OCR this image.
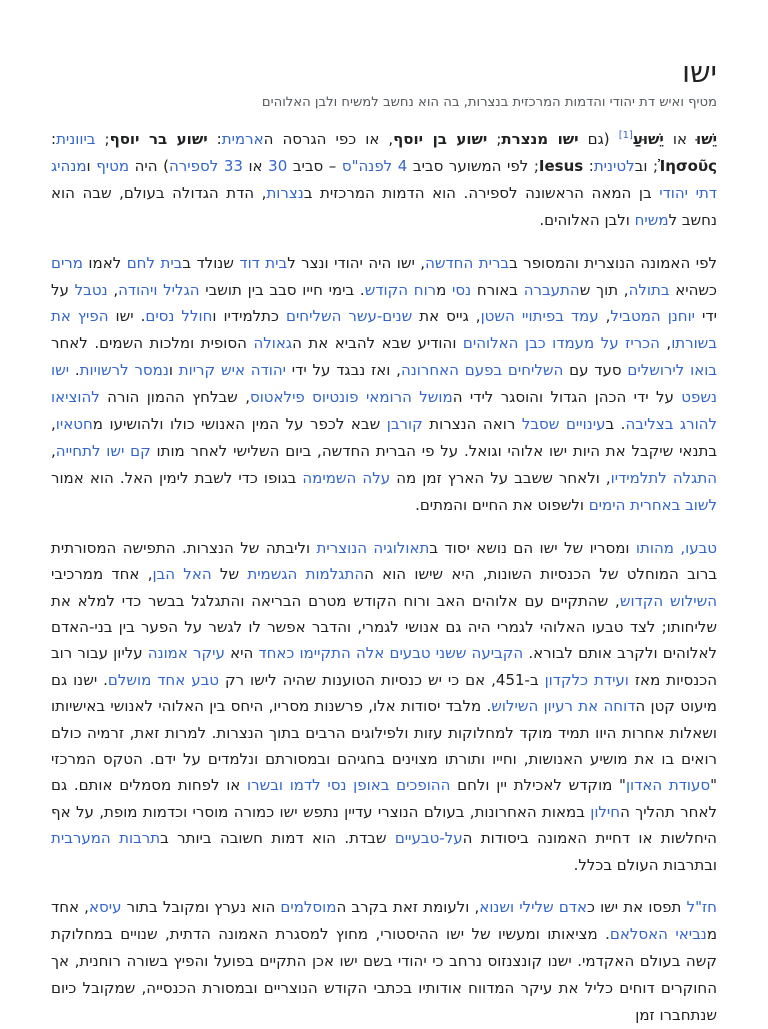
ישו
מטיף ואיש דת יהודי והדמות המרכזית בנצרות, בה הוא נחשב למשיח ולבן האלוהים

יֵשׁוּ או יֵשׁוּעַ[1] (גם ישו מנצרת; ישוע בן יוסף, או כפי הגרסה הארמית: ישוע בר יוסף; ביוונית: Ἰησοῦς; ובלטינית: Iesus; לפי המשוער סביב 4 לפנה"ס – סביב 30 או 33 לספירה) היה מטיף ומנהיג דתי יהודי בן המאה הראשונה לספירה. הוא הדמות המרכזית בנצרות, הדת הגדולה בעולם, שבה הוא נחשב למשיח ולבן האלוהים.

לפי האמונה הנוצרית והמסופר בברית החדשה, ישו היה יהודי ונצר לבית דוד שנולד בבית לחם לאמו מרים כשהיא בתולה, תוך שהתעברה באורח נסי מרוח הקודש. בימי חייו סבב בין תושבי הגליל ויהודה, נטבל על ידי יוחנן המטביל, עמד בפיתויי השטן, גייס את שנים-עשר השליחים כתלמידיו וחולל נסים. ישו הפיץ את בשורתו, הכריז על מעמדו כבן האלוהים והודיע שבא להביא את הגאולה הסופית ומלכות השמים. לאחר בואו לירושלים סעד עם השליחים בפעם האחרונה, ואז נבגד על ידי יהודה איש קריות ונמסר לרשויות. ישו נשפט על ידי הכהן הגדול והוסגר לידי המושל הרומאי פונטיוס פילאטוס, שבלחץ ההמון הורה להוציאו להורג בצליבה. בעינויים שסבל רואה הנצרות קורבן שבא לכפר על המין האנושי כולו ולהושיעו מחטאיו, בתנאי שיקבל את היות ישו אלוהי וגואל. על פי הברית החדשה, ביום השלישי לאחר מותו קם ישו לתחייה, התגלה לתלמידיו, ולאחר ששבב על הארץ זמן מה עלה השמימה בגופו כדי לשבת לימין האל. הוא אמור לשוב באחרית הימים ולשפוט את החיים והמתים.

טבעו, מהותו ומסריו של ישו הם נושא יסוד בתאולוגיה הנוצרית וליבתה של הנצרות. התפישה המסורתית ברוב המוחלט של הכנסיות השונות, היא שישו הוא ההתגלמות הגשמית של האל הבן, אחד ממרכיבי השילוש הקדוש, שהתקיים עם אלוהים האב ורוח הקודש מטרם הבריאה והתגלגל בבשר כדי למלא את שליחותו; לצד טבעו האלוהי לגמרי היה גם אנושי לגמרי, והדבר אפשר לו לגשר על הפער בין בני-האדם לאלוהים ולקרב אותם לבורא. הקביעה ששני טבעים אלה התקיימו כאחד היא עיקר אמונה עליון עבור רוב הכנסיות מאז ועידת כלקדון ב-451, אם כי יש כנסיות הטוענות שהיה לישו רק טבע אחד מושלם. ישנו גם מיעוט קטן הדוחה את רעיון השילוש. מלבד יסודות אלו, פרשנות מסריו, היחס בין האלוהי לאנושי באישיותו ושאלות אחרות היוו תמיד מוקד למחלוקות עזות ולפילוגים הרבים בתוך הנצרות. למרות זאת, זרמיה כולם רואים בו את מושיע האנושות, וחייו ותורתו מצוינים בחגיהם ובמסורתם ונלמדים על ידם. הטקס המרכזי "סעודת האדון" מוקדש לאכילת יין ולחם ההופכים באופן נסי לדמו ובשרו או לפחות מסמלים אותם. גם לאחר תהליך החילון במאות האחרונות, בעולם הנוצרי עדיין נתפש ישו כמורה מוסרי וכדמות מופת, על אף היחלשות או דחיית האמונה ביסודות העל-טבעיים שבדת. הוא דמות חשובה ביותר בתרבות המערבית ובתרבות העולם בכלל.

חז"ל תפסו את ישו כאדם שלילי ושנוא, ולעומת זאת בקרב המוסלמים הוא נערץ ומקובל בתור עיסא, אחד מנביאי האסלאם. מציאותו ומעשיו של ישו ההיסטורי, מחוץ למסגרת האמונה הדתית, שנויים במחלוקת קשה בעולם האקדמי. ישנו קונצנזוס נרחב כי יהודי בשם ישו אכן התקיים בפועל והפיץ בשורה רוחנית, אך החוקרים דוחים כליל את עיקר המדווח אודותיו בכתבי הקודש הנוצריים ובמסורת הכנסייה, שמקובל כיום שנתחברו זמן
